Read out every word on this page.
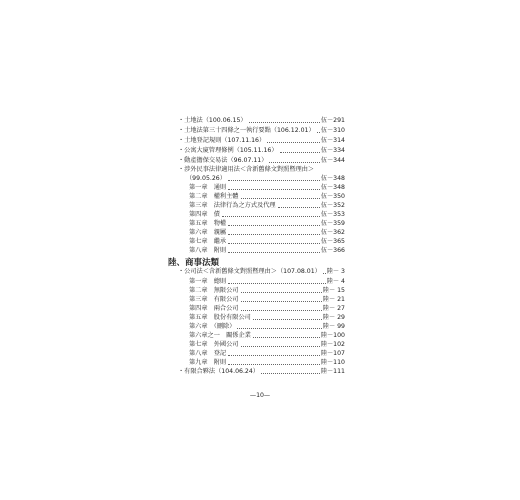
・土地法（100.06.15）	伍－291
・土地法第三十四條之一執行要點（106.12.01） 伍－310
・土地登記規則（107.11.16）	伍－314
・公寓大廈管理條例（105.11.16）	伍－334
・動產擔保交易法（96.07.11）	伍－344
・涉外民事法律適用法＜含新舊條文對照暨理由＞
（99.05.26）	伍－348
第一章　通則	伍－348
第二章　權利主體	伍－350
第三章　法律行為之方式及代理	伍－352
第四章　債	伍－353
第五章　物權	伍－359
第六章　親屬	伍－362
第七章　繼承	伍－365
第八章　附則	伍－366
陸、商事法類
・公司法＜含新舊條文對照暨理由＞（107.08.01） 陸－ 3
第一章　總則	陸－ 4
第二章　無限公司	陸－ 15
第三章　有限公司	陸－ 21
第四章　兩合公司	陸－ 27
第五章　股份有限公司	陸－ 29
第六章　（刪除）	陸－ 99
第六章之一　關係企業	陸－100
第七章　外國公司	陸－102
第八章　登記	陸－107
第九章　附則	陸－110
・有限合夥法（104.06.24）	陸－111
—10—
